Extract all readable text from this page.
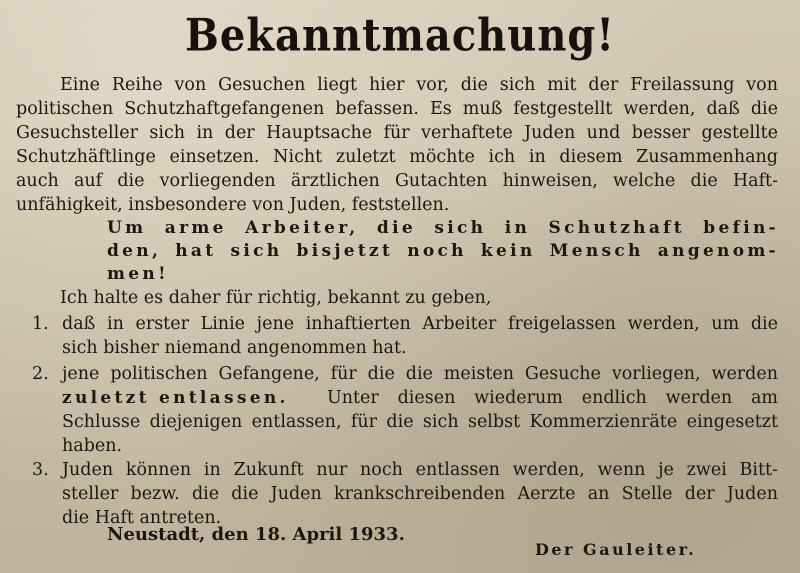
Bekanntmachung!
Eine Reihe von Gesuchen liegt hier vor, die sich mit der Freilassung von
politischen Schutzhaftgefangenen befassen. Es muß festgestellt werden, daß die
Gesuchsteller sich in der Hauptsache für verhaftete Juden und besser gestellte
Schutzhäftlinge einsetzen. Nicht zuletzt möchte ich in diesem Zusammenhang
auch auf die vorliegenden ärztlichen Gutachten hinweisen, welche die Haft-
unfähigkeit, insbesondere von Juden, feststellen.
Um arme Arbeiter, die sich in Schutzhaft befin-
den, hat sich bisjetzt noch kein Mensch angenom-
men!
Ich halte es daher für richtig, bekannt zu geben,
1. daß in erster Linie jene inhaftierten Arbeiter freigelassen werden, um die
sich bisher niemand angenommen hat.
2. jene politischen Gefangene, für die die meisten Gesuche vorliegen, werden
zuletzt entlassen. Unter diesen wiederum endlich werden am
Schlusse diejenigen entlassen, für die sich selbst Kommerzienräte eingesetzt
haben.
3. Juden können in Zukunft nur noch entlassen werden, wenn je zwei Bitt-
steller bezw. die die Juden krankschreibenden Aerzte an Stelle der Juden
die Haft antreten.
Neustadt, den 18. April 1933.
Der Gauleiter.
